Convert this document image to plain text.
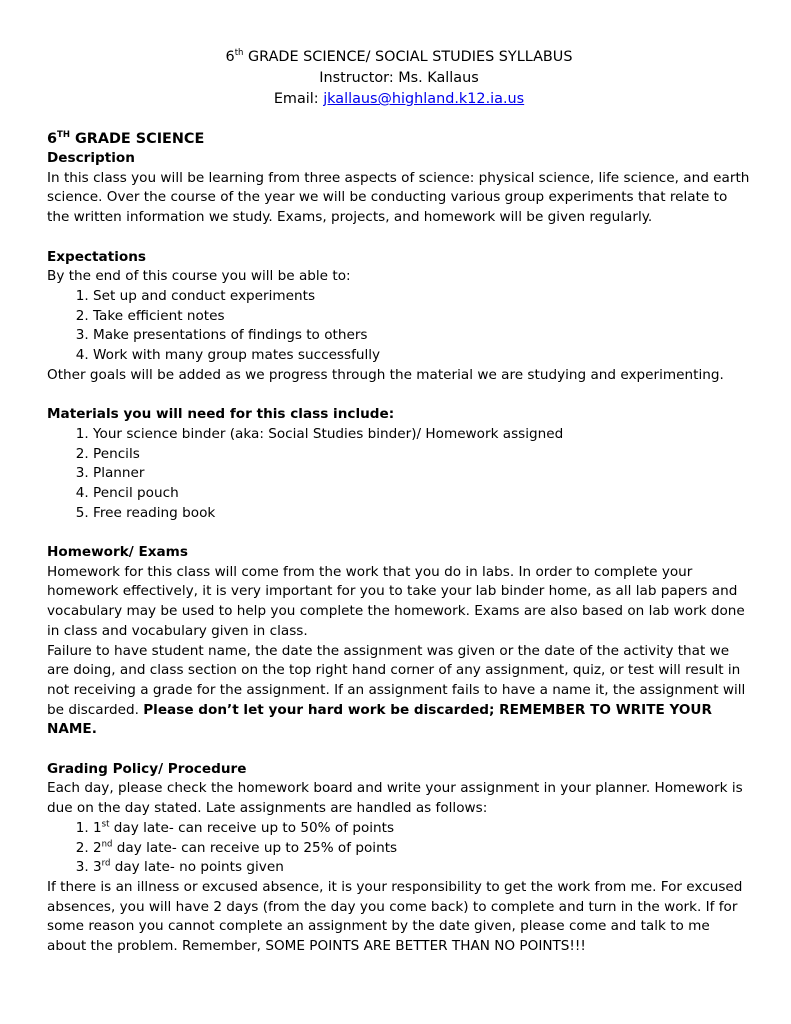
6th GRADE SCIENCE/ SOCIAL STUDIES SYLLABUS
Instructor: Ms. Kallaus
Email: jkallaus@highland.k12.ia.us
6TH GRADE SCIENCE
Description

In this class you will be learning from three aspects of science: physical science, life science, and earth science. Over the course of the year we will be conducting various group experiments that relate to the written information we study. Exams, projects, and homework will be given regularly.

Expectations

By the end of this course you will be able to:

1. Set up and conduct experiments
2. Take efficient notes
3. Make presentations of findings to others
4. Work with many group mates successfully

Other goals will be added as we progress through the material we are studying and experimenting.

Materials you will need for this class include:
1. Your science binder (aka: Social Studies binder)/ Homework assigned
2. Pencils
3. Planner
4. Pencil pouch
5. Free reading book
Homework/ Exams

Homework for this class will come from the work that you do in labs. In order to complete your homework effectively, it is very important for you to take your lab binder home, as all lab papers and vocabulary may be used to help you complete the homework. Exams are also based on lab work done in class and vocabulary given in class.

Failure to have student name, the date the assignment was given or the date of the activity that we are doing, and class section on the top right hand corner of any assignment, quiz, or test will result in not receiving a grade for the assignment. If an assignment fails to have a name it, the assignment will be discarded. Please don’t let your hard work be discarded; REMEMBER TO WRITE YOUR NAME.

Grading Policy/ Procedure

Each day, please check the homework board and write your assignment in your planner. Homework is due on the day stated. Late assignments are handled as follows:

1. 1st day late- can receive up to 50% of points
2. 2nd day late- can receive up to 25% of points
3. 3rd day late- no points given

If there is an illness or excused absence, it is your responsibility to get the work from me. For excused absences, you will have 2 days (from the day you come back) to complete and turn in the work. If for some reason you cannot complete an assignment by the date given, please come and talk to me about the problem. Remember, SOME POINTS ARE BETTER THAN NO POINTS!!!
